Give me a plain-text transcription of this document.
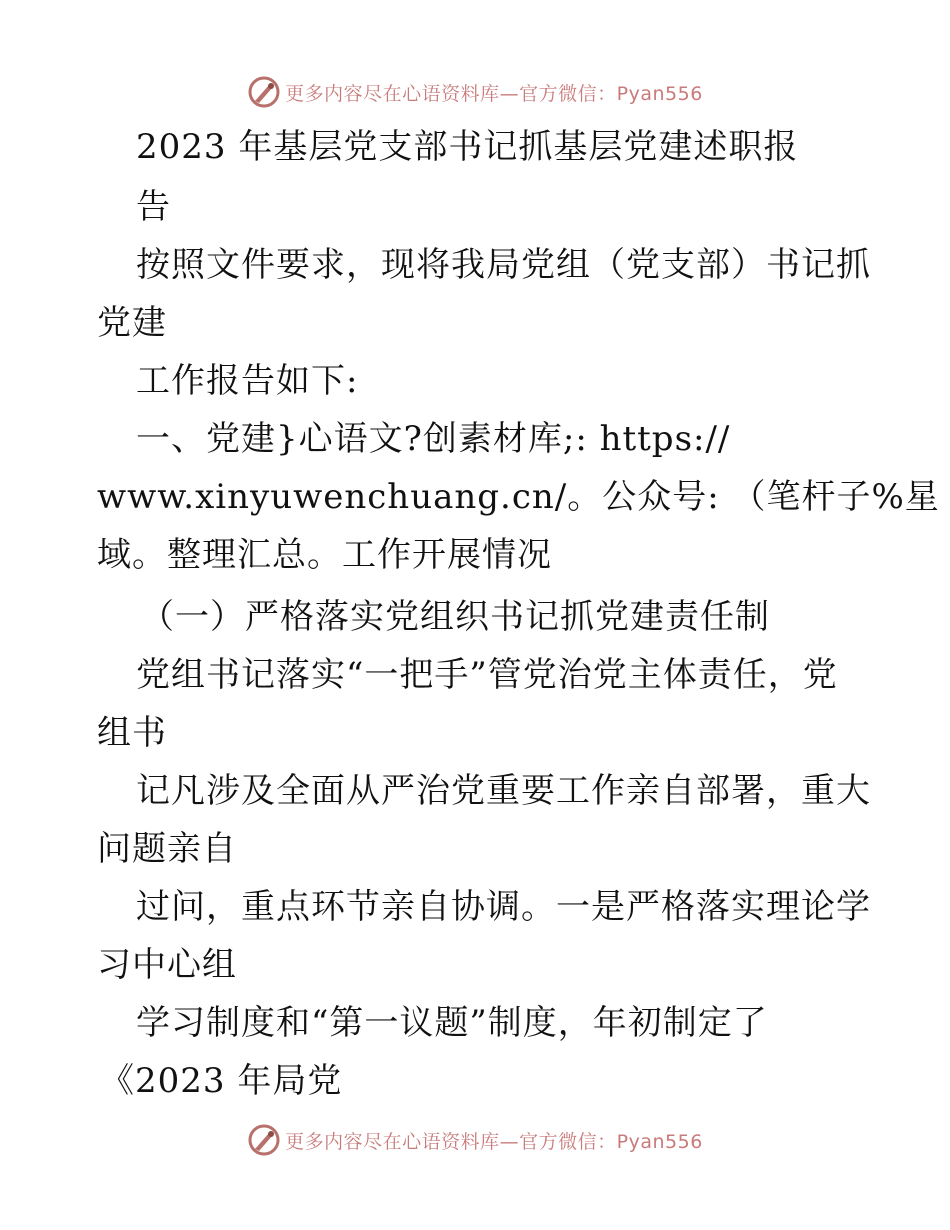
更多内容尽在心语资料库—官方微信：Pyan556
2023 年基层党支部书记抓基层党建述职报
告
按照文件要求，现将我局党组（党支部）书记抓
党建
工作报告如下:
一、党建}心语文?创素材库;: https://
www.xinyuwenchuang.cn/。公众号: （笔杆子%星
域。整理汇总。工作开展情况
（一）严格落实党组织书记抓党建责任制
党组书记落实“一把手”管党治党主体责任，党
组书
记凡涉及全面从严治党重要工作亲自部署，重大
问题亲自
过问，重点环节亲自协调。一是严格落实理论学
习中心组
学习制度和“第一议题”制度，年初制定了
《2023 年局党
更多内容尽在心语资料库—官方微信：Pyan556
